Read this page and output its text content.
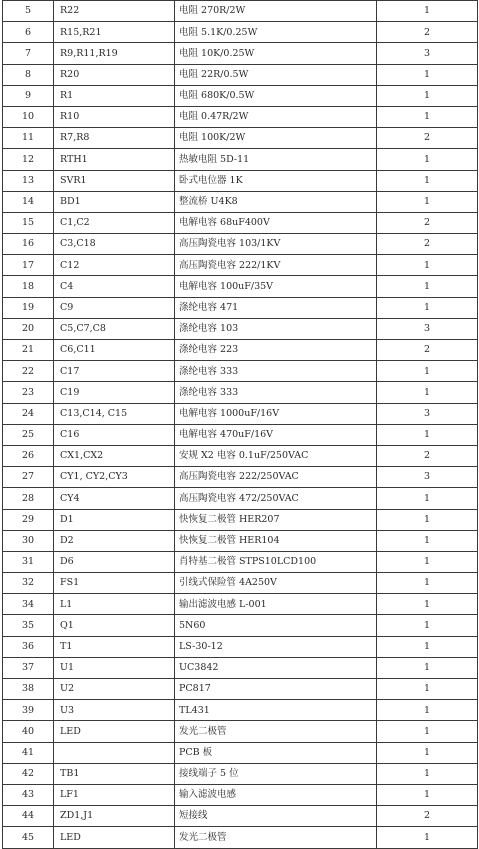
5	R22	电阻 270R/2W	1
6	R15,R21	电阻 5.1K/0.25W	2
7	R9,R11,R19	电阻 10K/0.25W	3
8	R20	电阻 22R/0.5W	1
9	R1	电阻 680K/0.5W	1
10	R10	电阻 0.47R/2W	1
11	R7,R8	电阻 100K/2W	2
12	RTH1	热敏电阻 5D-11	1
13	SVR1	卧式电位器 1K	1
14	BD1	整流桥 U4K8	1
15	C1,C2	电解电容 68uF400V	2
16	C3,C18	高压陶瓷电容 103/1KV	2
17	C12	高压陶瓷电容 222/1KV	1
18	C4	电解电容 100uF/35V	1
19	C9	涤纶电容 471	1
20	C5,C7,C8	涤纶电容 103	3
21	C6,C11	涤纶电容 223	2
22	C17	涤纶电容 333	1
23	C19	涤纶电容 333	1
24	C13,C14, C15	电解电容 1000uF/16V	3
25	C16	电解电容 470uF/16V	1
26	CX1,CX2	安规 X2 电容 0.1uF/250VAC	2
27	CY1, CY2,CY3	高压陶瓷电容 222/250VAC	3
28	CY4	高压陶瓷电容 472/250VAC	1
29	D1	快恢复二极管 HER207	1
30	D2	快恢复二极管 HER104	1
31	D6	肖特基二极管 STPS10LCD100	1
32	FS1	引线式保险管 4A250V	1
34	L1	输出滤波电感 L-001	1
35	Q1	5N60	1
36	T1	LS-30-12	1
37	U1	UC3842	1
38	U2	PC817	1
39	U3	TL431	1
40	LED	发光二极管	1
41		PCB 板	1
42	TB1	接线端子 5 位	1
43	LF1	输入滤波电感	1
44	ZD1,J1	短接线	2
45	LED	发光二极管	1
